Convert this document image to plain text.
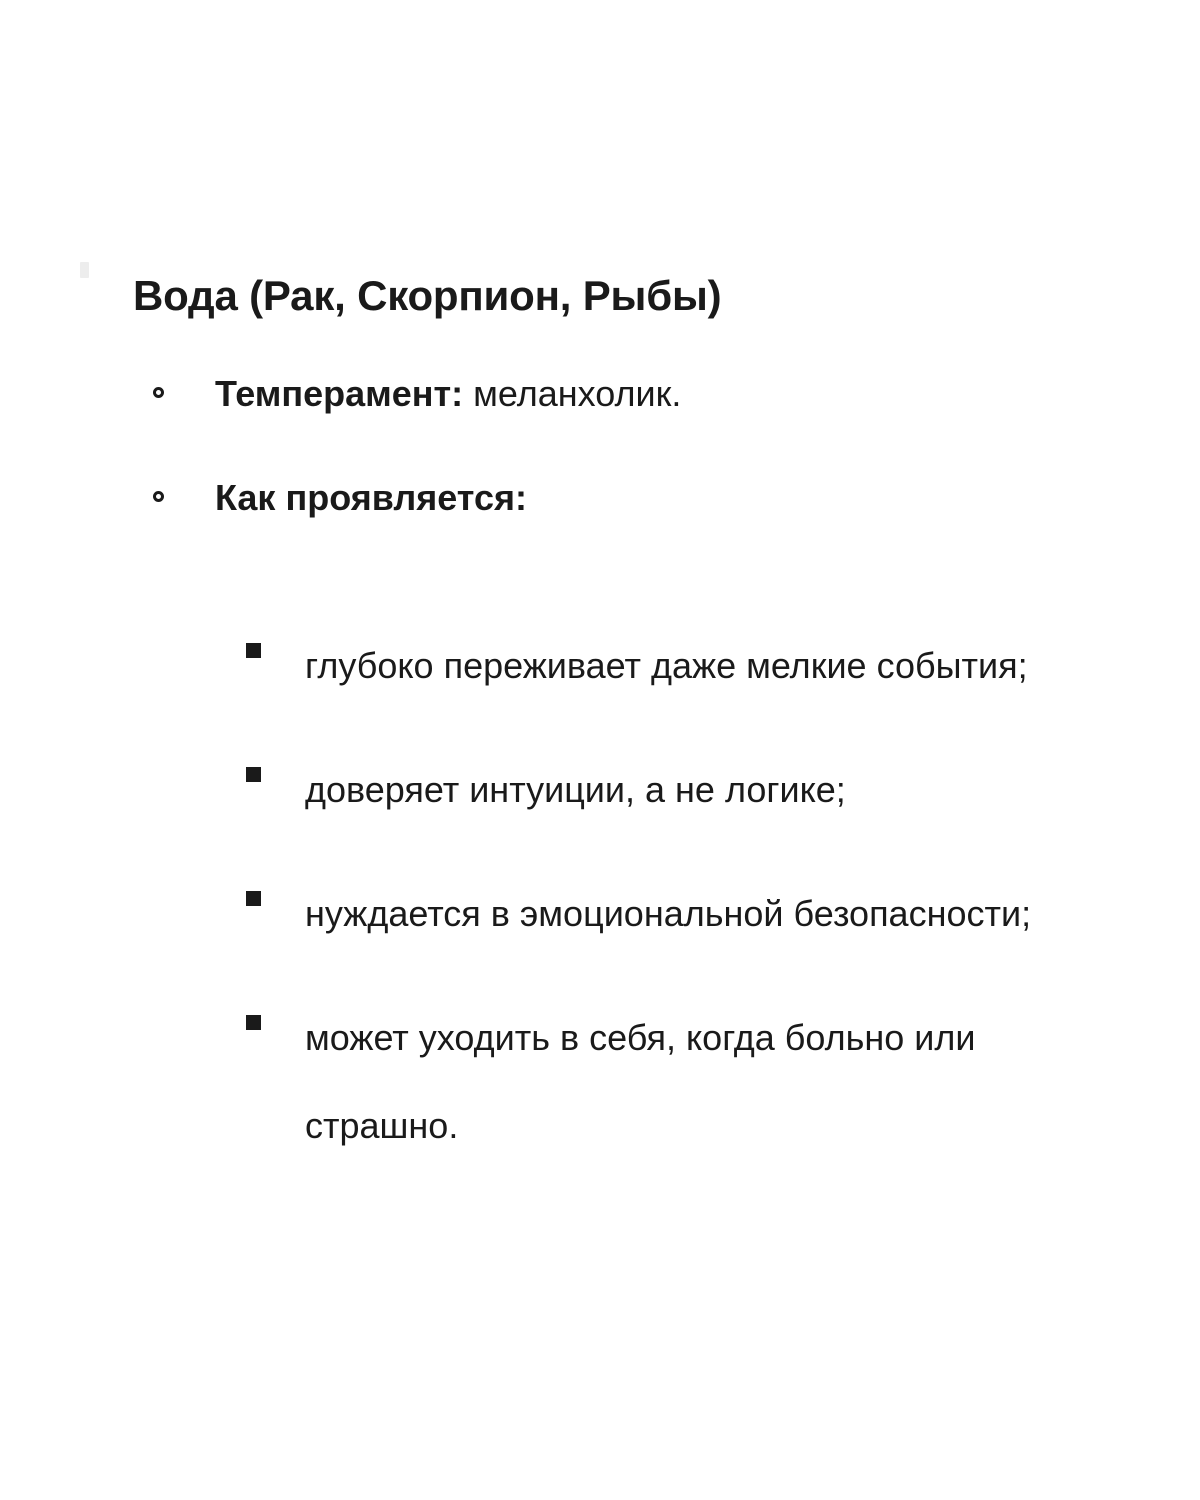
Вода (Рак, Скорпион, Рыбы)
Темперамент: меланхолик.
Как проявляется:

глубоко переживает даже мелкие события;

доверяет интуиции, а не логике;

нуждается в эмоциональной безопасности;

может уходить в себя, когда больно или страшно.
